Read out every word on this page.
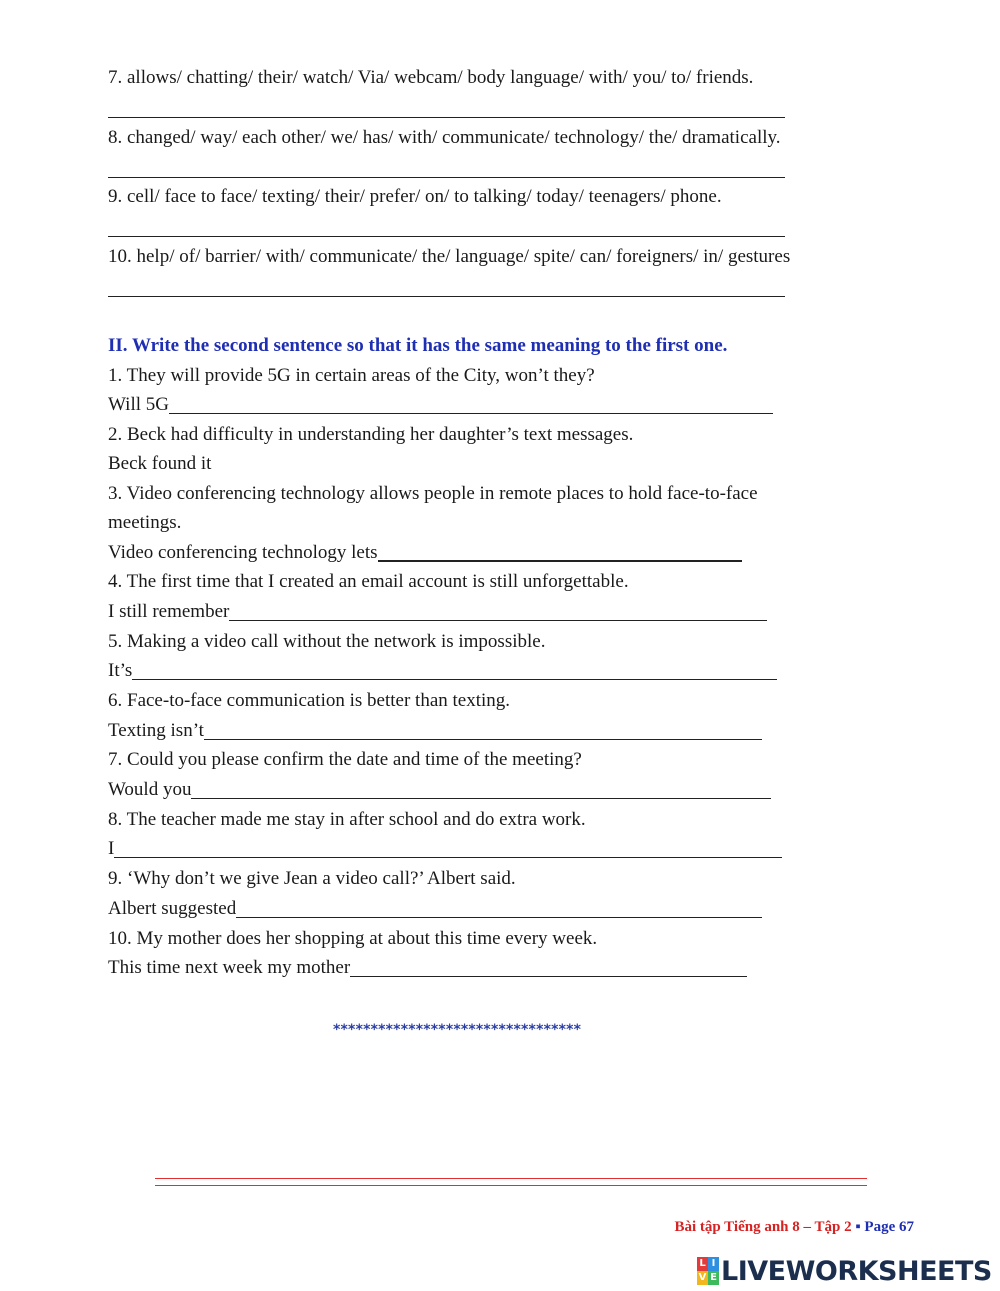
7. allows/ chatting/ their/ watch/ Via/ webcam/ body language/ with/ you/ to/ friends.
8. changed/ way/ each other/ we/ has/ with/ communicate/ technology/ the/ dramatically.
9. cell/ face to face/ texting/ their/ prefer/ on/ to talking/ today/ teenagers/ phone.
10. help/ of/ barrier/ with/ communicate/ the/ language/ spite/ can/ foreigners/ in/ gestures
II. Write the second sentence so that it has the same meaning to the first one.
1. They will provide 5G in certain areas of the City, won’t they?
Will 5G
2. Beck had difficulty in understanding her daughter’s text messages.
Beck found it
3. Video conferencing technology allows people in remote places to hold face-to-face
meetings.
Video conferencing technology lets
4. The first time that I created an email account is still unforgettable.
I still remember
5. Making a video call without the network is impossible.
It’s
6. Face-to-face communication is better than texting.
Texting isn’t
7. Could you please confirm the date and time of the meeting?
Would you
8. The teacher made me stay in after school and do extra work.
I
9. ‘Why don’t we give Jean a video call?’ Albert said.
Albert suggested
10. My mother does her shopping at about this time every week.
This time next week my mother
*********************************
Bài tập Tiếng anh 8 – Tập 2 ▪ Page 67
L I
V E LIVEWORKSHEETS
